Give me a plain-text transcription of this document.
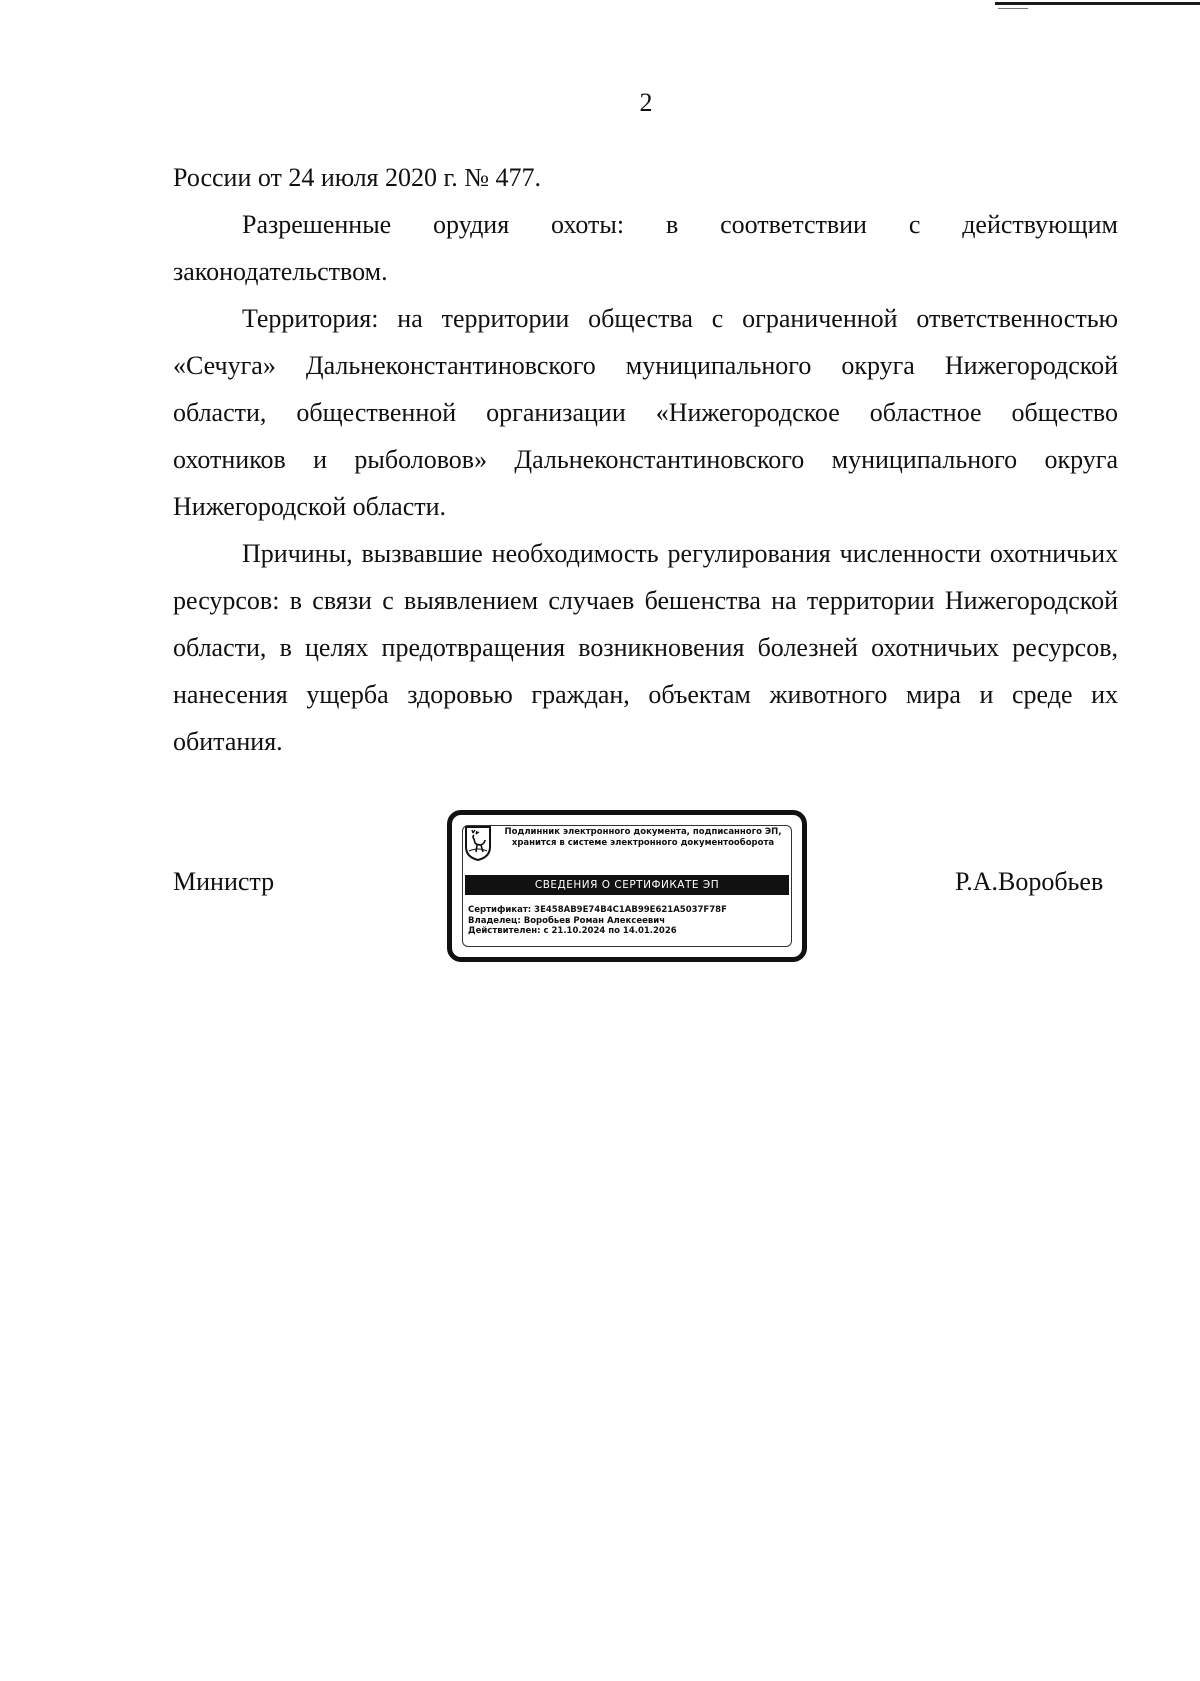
2

России от 24 июля 2020 г. № 477.

Разрешенные орудия охоты: в соответствии с действующим законодательством.

Территория: на территории общества с ограниченной ответственностью «Сечуга» Дальнеконстантиновского муниципального округа Нижегородской области, общественной организации «Нижегородское областное общество охотников и рыболовов» Дальнеконстантиновского муниципального округа Нижегородской области.

Причины, вызвавшие необходимость регулирования численности охотничьих ресурсов: в связи с выявлением случаев бешенства на территории Нижегородской области, в целях предотвращения возникновения болезней охотничьих ресурсов, нанесения ущерба здоровью граждан, объектам животного мира и среде их обитания.

Министр
Подлинник электронного документа, подписанного ЭП,
хранится в системе электронного документооборота
СВЕДЕНИЯ О СЕРТИФИКАТЕ ЭП
Сертификат: 3E458AB9E74B4C1AB99E621A5037F78F
Владелец: Воробьев Роман Алексеевич
Действителен: с 21.10.2024 по 14.01.2026
Р.А.Воробьев
